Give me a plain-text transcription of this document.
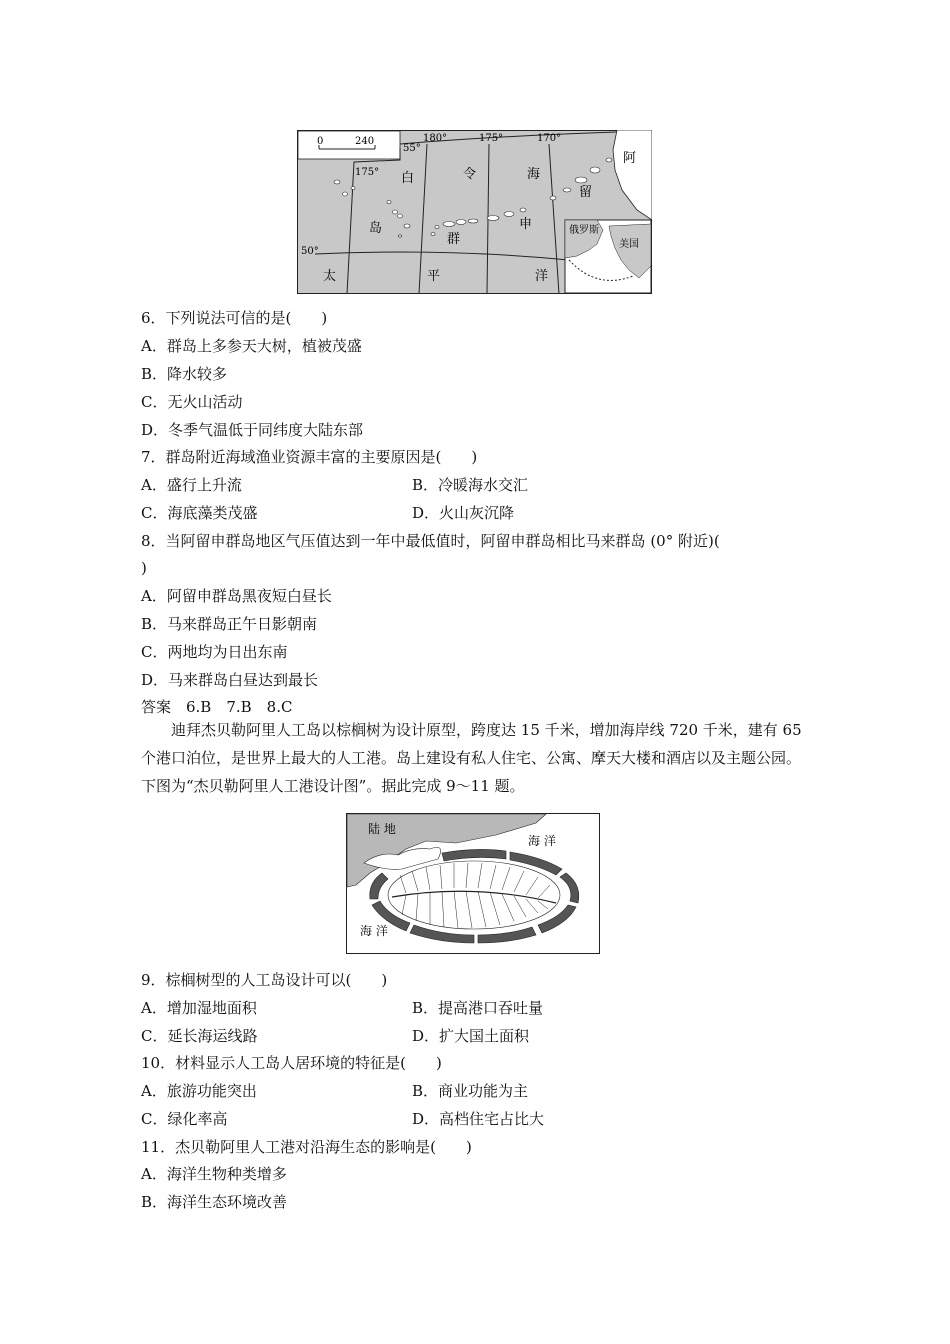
0	240
俄罗斯
美国
180°	175°	170°
55°
175°
50°
白	令	海
阿
留
申
岛
群
太	平	洋
6．下列说法可信的是(　　)
A．群岛上多参天大树，植被茂盛
B．降水较多
C．无火山活动
D．冬季气温低于同纬度大陆东部
7．群岛附近海域渔业资源丰富的主要原因是(　　)
A．盛行上升流	B．冷暖海水交汇
C．海底藻类茂盛	D．火山灰沉降
8．当阿留申群岛地区气压值达到一年中最低值时，阿留申群岛相比马来群岛 (0° 附近)(
)
A．阿留申群岛黑夜短白昼长
B．马来群岛正午日影朝南
C．两地均为日出东南
D．马来群岛白昼达到最长
答案　6.B　7.B　8.C
迪拜杰贝勒阿里人工岛以棕榈树为设计原型，跨度达 15 千米，增加海岸线 720 千米，建有 65 个港口泊位，是世界上最大的人工港。岛上建设有私人住宅、公寓、摩天大楼和酒店以及主题公园。下图为“杰贝勒阿里人工港设计图”。据此完成 9～11 题。
陆 地
海 洋
海 洋
9．棕榈树型的人工岛设计可以(　　)
A．增加湿地面积	B．提高港口吞吐量
C．延长海运线路	D．扩大国土面积
10．材料显示人工岛人居环境的特征是(　　)
A．旅游功能突出	B．商业功能为主
C．绿化率高	D．高档住宅占比大
11．杰贝勒阿里人工港对沿海生态的影响是(　　)
A．海洋生物种类增多
B．海洋生态环境改善
